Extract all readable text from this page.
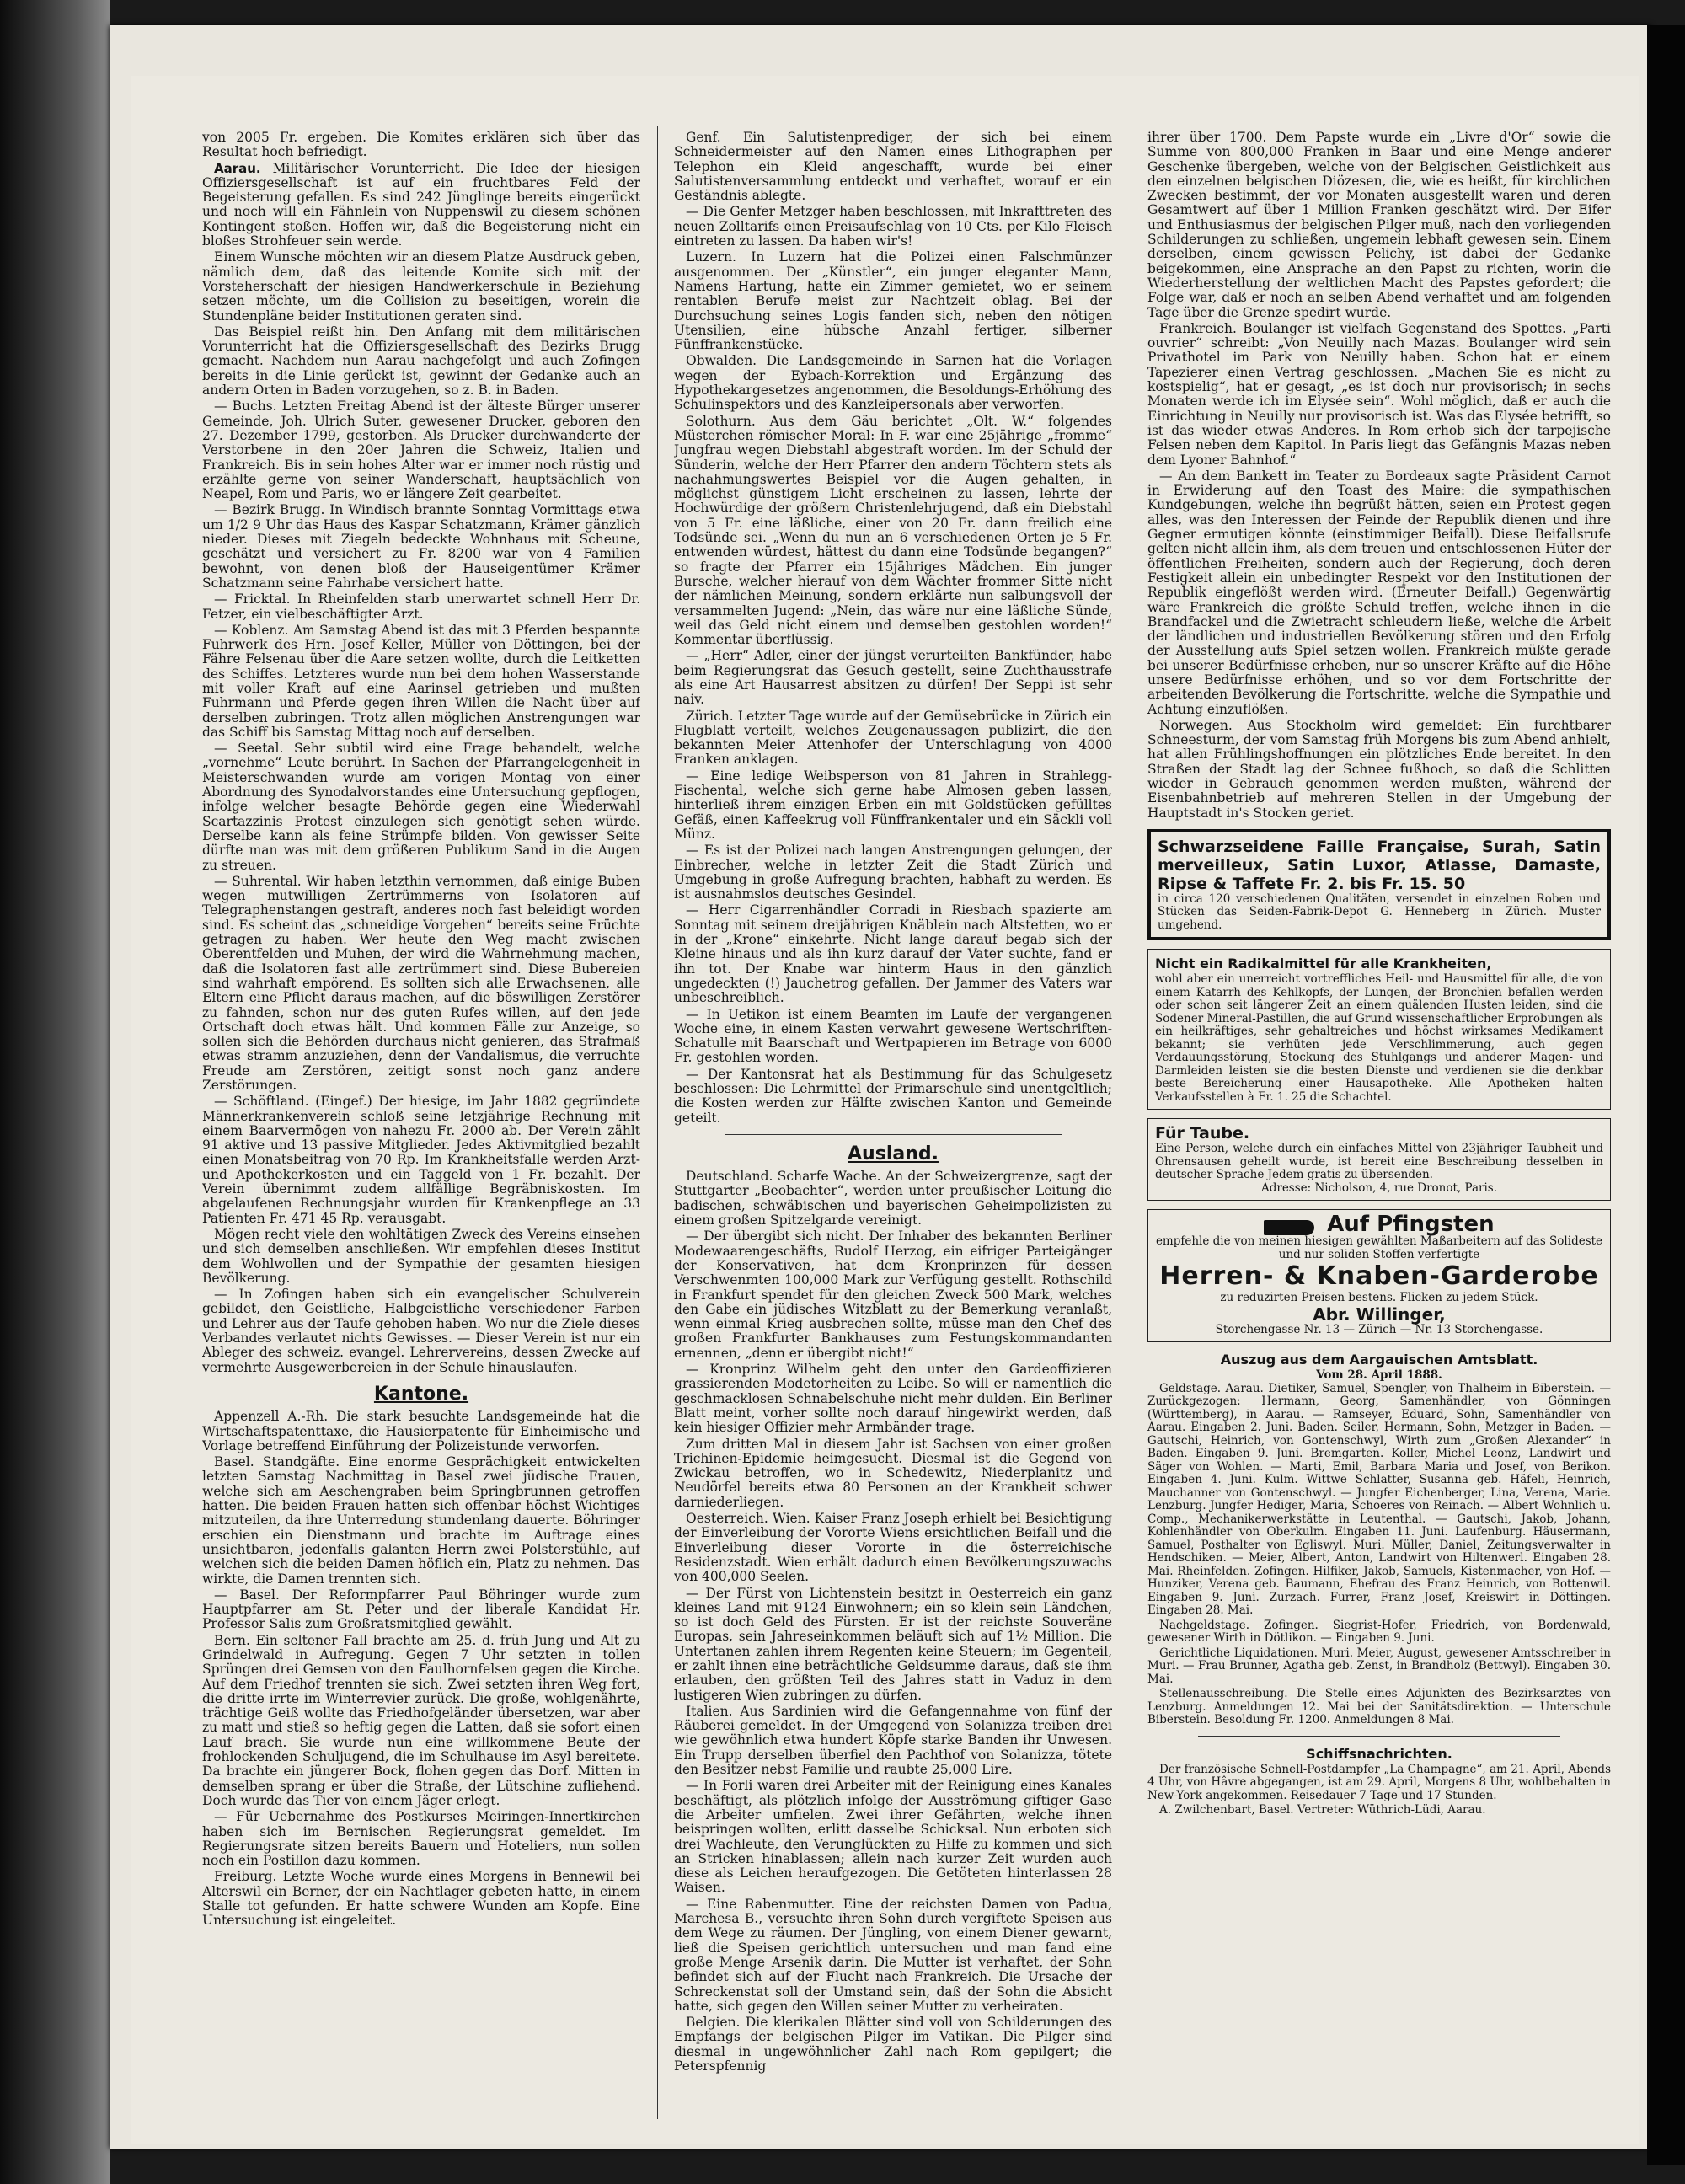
von 2005 Fr. ergeben. Die Komites erklären sich über das Resultat hoch befriedigt.

Aarau. Militärischer Vorunterricht. Die Idee der hiesigen Offiziersgesellschaft ist auf ein fruchtbares Feld der Begeisterung gefallen. Es sind 242 Jünglinge bereits eingerückt und noch will ein Fähnlein von Nuppenswil zu diesem schönen Kontingent stoßen. Hoffen wir, daß die Begeisterung nicht ein bloßes Strohfeuer sein werde.

Einem Wunsche möchten wir an diesem Platze Ausdruck geben, nämlich dem, daß das leitende Komite sich mit der Vorsteherschaft der hiesigen Handwerkerschule in Beziehung setzen möchte, um die Collision zu beseitigen, worein die Stundenpläne beider Institutionen geraten sind.

Das Beispiel reißt hin. Den Anfang mit dem militärischen Vorunterricht hat die Offiziersgesellschaft des Bezirks Brugg gemacht. Nachdem nun Aarau nachgefolgt und auch Zofingen bereits in die Linie gerückt ist, gewinnt der Gedanke auch an andern Orten in Baden vorzugehen, so z. B. in Baden.

— Buchs. Letzten Freitag Abend ist der älteste Bürger unserer Gemeinde, Joh. Ulrich Suter, gewesener Drucker, geboren den 27. Dezember 1799, gestorben. Als Drucker durchwanderte der Verstorbene in den 20er Jahren die Schweiz, Italien und Frankreich. Bis in sein hohes Alter war er immer noch rüstig und erzählte gerne von seiner Wanderschaft, hauptsächlich von Neapel, Rom und Paris, wo er längere Zeit gearbeitet.

— Bezirk Brugg. In Windisch brannte Sonntag Vormittags etwa um 1/2 9 Uhr das Haus des Kaspar Schatzmann, Krämer gänzlich nieder. Dieses mit Ziegeln bedeckte Wohnhaus mit Scheune, geschätzt und versichert zu Fr. 8200 war von 4 Familien bewohnt, von denen bloß der Hauseigentümer Krämer Schatzmann seine Fahrhabe versichert hatte.

— Fricktal. In Rheinfelden starb unerwartet schnell Herr Dr. Fetzer, ein vielbeschäftigter Arzt.

— Koblenz. Am Samstag Abend ist das mit 3 Pferden bespannte Fuhrwerk des Hrn. Josef Keller, Müller von Döttingen, bei der Fähre Felsenau über die Aare setzen wollte, durch die Leitketten des Schiffes. Letzteres wurde nun bei dem hohen Wasserstande mit voller Kraft auf eine Aarinsel getrieben und mußten Fuhrmann und Pferde gegen ihren Willen die Nacht über auf derselben zubringen. Trotz allen möglichen Anstrengungen war das Schiff bis Samstag Mittag noch auf derselben.

— Seetal. Sehr subtil wird eine Frage behandelt, welche „vornehme“ Leute berührt. In Sachen der Pfarrangelegenheit in Meisterschwanden wurde am vorigen Montag von einer Abordnung des Synodalvorstandes eine Untersuchung gepflogen, infolge welcher besagte Behörde gegen eine Wiederwahl Scartazzinis Protest einzulegen sich genötigt sehen würde. Derselbe kann als feine Strümpfe bilden. Von gewisser Seite dürfte man was mit dem größeren Publikum Sand in die Augen zu streuen.

— Suhrental. Wir haben letzthin vernommen, daß einige Buben wegen mutwilligen Zertrümmerns von Isolatoren auf Telegraphenstangen gestraft, anderes noch fast beleidigt worden sind. Es scheint das „schneidige Vorgehen“ bereits seine Früchte getragen zu haben. Wer heute den Weg macht zwischen Oberentfelden und Muhen, der wird die Wahrnehmung machen, daß die Isolatoren fast alle zertrümmert sind. Diese Bubereien sind wahrhaft empörend. Es sollten sich alle Erwachsenen, alle Eltern eine Pflicht daraus machen, auf die böswilligen Zerstörer zu fahnden, schon nur des guten Rufes willen, auf den jede Ortschaft doch etwas hält. Und kommen Fälle zur Anzeige, so sollen sich die Behörden durchaus nicht genieren, das Strafmaß etwas stramm anzuziehen, denn der Vandalismus, die verruchte Freude am Zerstören, zeitigt sonst noch ganz andere Zerstörungen.

— Schöftland. (Eingef.) Der hiesige, im Jahr 1882 gegründete Männerkrankenverein schloß seine letzjährige Rechnung mit einem Baarvermögen von nahezu Fr. 2000 ab. Der Verein zählt 91 aktive und 13 passive Mitglieder. Jedes Aktivmitglied bezahlt einen Monatsbeitrag von 70 Rp. Im Krankheitsfalle werden Arzt- und Apothekerkosten und ein Taggeld von 1 Fr. bezahlt. Der Verein übernimmt zudem allfällige Begräbniskosten. Im abgelaufenen Rechnungsjahr wurden für Krankenpflege an 33 Patienten Fr. 471 45 Rp. verausgabt.

Mögen recht viele den wohltätigen Zweck des Vereins einsehen und sich demselben anschließen. Wir empfehlen dieses Institut dem Wohlwollen und der Sympathie der gesamten hiesigen Bevölkerung.

— In Zofingen haben sich ein evangelischer Schulverein gebildet, den Geistliche, Halbgeistliche verschiedener Farben und Lehrer aus der Taufe gehoben haben. Wo nur die Ziele dieses Verbandes verlautet nichts Gewisses. — Dieser Verein ist nur ein Ableger des schweiz. evangel. Lehrervereins, dessen Zwecke auf vermehrte Ausgewerbereien in der Schule hinauslaufen.

Kantone.

Appenzell A.-Rh. Die stark besuchte Landsgemeinde hat die Wirtschaftspatenttaxe, die Hausierpatente für Einheimische und Vorlage betreffend Einführung der Polizeistunde verworfen.

Basel. Standgäfte. Eine enorme Gesprächigkeit entwickelten letzten Samstag Nachmittag in Basel zwei jüdische Frauen, welche sich am Aeschengraben beim Springbrunnen getroffen hatten. Die beiden Frauen hatten sich offenbar höchst Wichtiges mitzuteilen, da ihre Unterredung stundenlang dauerte. Böhringer erschien ein Dienstmann und brachte im Auftrage eines unsichtbaren, jedenfalls galanten Herrn zwei Polsterstühle, auf welchen sich die beiden Damen höflich ein, Platz zu nehmen. Das wirkte, die Damen trennten sich.

— Basel. Der Reformpfarrer Paul Böhringer wurde zum Hauptpfarrer am St. Peter und der liberale Kandidat Hr. Professor Salis zum Großratsmitglied gewählt.

Bern. Ein seltener Fall brachte am 25. d. früh Jung und Alt zu Grindelwald in Aufregung. Gegen 7 Uhr setzten in tollen Sprüngen drei Gemsen von den Faulhornfelsen gegen die Kirche. Auf dem Friedhof trennten sie sich. Zwei setzten ihren Weg fort, die dritte irrte im Winterrevier zurück. Die große, wohlgenährte, trächtige Geiß wollte das Friedhofgeländer übersetzen, war aber zu matt und stieß so heftig gegen die Latten, daß sie sofort einen Lauf brach. Sie wurde nun eine willkommene Beute der frohlockenden Schuljugend, die im Schulhause im Asyl bereitete. Da brachte ein jüngerer Bock, flohen gegen das Dorf. Mitten in demselben sprang er über die Straße, der Lütschine zufliehend. Doch wurde das Tier von einem Jäger erlegt.

— Für Uebernahme des Postkurses Meiringen-Innertkirchen haben sich im Bernischen Regierungsrat gemeldet. Im Regierungsrate sitzen bereits Bauern und Hoteliers, nun sollen noch ein Postillon dazu kommen.

Freiburg. Letzte Woche wurde eines Morgens in Bennewil bei Alterswil ein Berner, der ein Nachtlager gebeten hatte, in einem Stalle tot gefunden. Er hatte schwere Wunden am Kopfe. Eine Untersuchung ist eingeleitet.

Genf. Ein Salutistenprediger, der sich bei einem Schneidermeister auf den Namen eines Lithographen per Telephon ein Kleid angeschafft, wurde bei einer Salutistenversammlung entdeckt und verhaftet, worauf er ein Geständnis ablegte.

— Die Genfer Metzger haben beschlossen, mit Inkrafttreten des neuen Zolltarifs einen Preisaufschlag von 10 Cts. per Kilo Fleisch eintreten zu lassen. Da haben wir's!

Luzern. In Luzern hat die Polizei einen Falschmünzer ausgenommen. Der „Künstler“, ein junger eleganter Mann, Namens Hartung, hatte ein Zimmer gemietet, wo er seinem rentablen Berufe meist zur Nachtzeit oblag. Bei der Durchsuchung seines Logis fanden sich, neben den nötigen Utensilien, eine hübsche Anzahl fertiger, silberner Fünffrankenstücke.

Obwalden. Die Landsgemeinde in Sarnen hat die Vorlagen wegen der Eybach-Korrektion und Ergänzung des Hypothekargesetzes angenommen, die Besoldungs-Erhöhung des Schulinspektors und des Kanzleipersonals aber verworfen.

Solothurn. Aus dem Gäu berichtet „Olt. W.“ folgendes Müsterchen römischer Moral: In F. war eine 25jährige „fromme“ Jungfrau wegen Diebstahl abgestraft worden. Im der Schuld der Sünderin, welche der Herr Pfarrer den andern Töchtern stets als nachahmungswertes Beispiel vor die Augen gehalten, in möglichst günstigem Licht erscheinen zu lassen, lehrte der Hochwürdige der größern Christenlehrjugend, daß ein Diebstahl von 5 Fr. eine läßliche, einer von 20 Fr. dann freilich eine Todsünde sei. „Wenn du nun an 6 verschiedenen Orten je 5 Fr. entwenden würdest, hättest du dann eine Todsünde begangen?“ so fragte der Pfarrer ein 15jähriges Mädchen. Ein junger Bursche, welcher hierauf von dem Wächter frommer Sitte nicht der nämlichen Meinung, sondern erklärte nun salbungsvoll der versammelten Jugend: „Nein, das wäre nur eine läßliche Sünde, weil das Geld nicht einem und demselben gestohlen worden!“ Kommentar überflüssig.

— „Herr“ Adler, einer der jüngst verurteilten Bankfünder, habe beim Regierungsrat das Gesuch gestellt, seine Zuchthausstrafe als eine Art Hausarrest absitzen zu dürfen! Der Seppi ist sehr naiv.

Zürich. Letzter Tage wurde auf der Gemüsebrücke in Zürich ein Flugblatt verteilt, welches Zeugenaussagen publizirt, die den bekannten Meier Attenhofer der Unterschlagung von 4000 Franken anklagen.

— Eine ledige Weibsperson von 81 Jahren in Strahlegg-Fischental, welche sich gerne habe Almosen geben lassen, hinterließ ihrem einzigen Erben ein mit Goldstücken gefülltes Gefäß, einen Kaffeekrug voll Fünffrankentaler und ein Säckli voll Münz.

— Es ist der Polizei nach langen Anstrengungen gelungen, der Einbrecher, welche in letzter Zeit die Stadt Zürich und Umgebung in große Aufregung brachten, habhaft zu werden. Es ist ausnahmslos deutsches Gesindel.

— Herr Cigarrenhändler Corradi in Riesbach spazierte am Sonntag mit seinem dreijährigen Knäblein nach Altstetten, wo er in der „Krone“ einkehrte. Nicht lange darauf begab sich der Kleine hinaus und als ihn kurz darauf der Vater suchte, fand er ihn tot. Der Knabe war hinterm Haus in den gänzlich ungedeckten (!) Jauchetrog gefallen. Der Jammer des Vaters war unbeschreiblich.

— In Uetikon ist einem Beamten im Laufe der vergangenen Woche eine, in einem Kasten verwahrt gewesene Wertschriften-Schatulle mit Baarschaft und Wertpapieren im Betrage von 6000 Fr. gestohlen worden.

— Der Kantonsrat hat als Bestimmung für das Schulgesetz beschlossen: Die Lehrmittel der Primarschule sind unentgeltlich; die Kosten werden zur Hälfte zwischen Kanton und Gemeinde geteilt.

Ausland.

Deutschland. Scharfe Wache. An der Schweizergrenze, sagt der Stuttgarter „Beobachter“, werden unter preußischer Leitung die badischen, schwäbischen und bayerischen Geheimpolizisten zu einem großen Spitzelgarde vereinigt.

— Der übergibt sich nicht. Der Inhaber des bekannten Berliner Modewaarengeschäfts, Rudolf Herzog, ein eifriger Parteigänger der Konservativen, hat dem Kronprinzen für dessen Verschwenmten 100,000 Mark zur Verfügung gestellt. Rothschild in Frankfurt spendet für den gleichen Zweck 500 Mark, welches den Gabe ein jüdisches Witzblatt zu der Bemerkung veranlaßt, wenn einmal Krieg ausbrechen sollte, müsse man den Chef des großen Frankfurter Bankhauses zum Festungskommandanten ernennen, „denn er übergibt nicht!“

— Kronprinz Wilhelm geht den unter den Gardeoffizieren grassierenden Modetorheiten zu Leibe. So will er namentlich die geschmacklosen Schnabelschuhe nicht mehr dulden. Ein Berliner Blatt meint, vorher sollte noch darauf hingewirkt werden, daß kein hiesiger Offizier mehr Armbänder trage.

Zum dritten Mal in diesem Jahr ist Sachsen von einer großen Trichinen-Epidemie heimgesucht. Diesmal ist die Gegend von Zwickau betroffen, wo in Schedewitz, Niederplanitz und Neudörfel bereits etwa 80 Personen an der Krankheit schwer darniederliegen.

Oesterreich. Wien. Kaiser Franz Joseph erhielt bei Besichtigung der Einverleibung der Vororte Wiens ersichtlichen Beifall und die Einverleibung dieser Vororte in die österreichische Residenzstadt. Wien erhält dadurch einen Bevölkerungszuwachs von 400,000 Seelen.

— Der Fürst von Lichtenstein besitzt in Oesterreich ein ganz kleines Land mit 9124 Einwohnern; ein so klein sein Ländchen, so ist doch Geld des Fürsten. Er ist der reichste Souveräne Europas, sein Jahreseinkommen beläuft sich auf 1½ Million. Die Untertanen zahlen ihrem Regenten keine Steuern; im Gegenteil, er zahlt ihnen eine beträchtliche Geldsumme daraus, daß sie ihm erlauben, den größten Teil des Jahres statt in Vaduz in dem lustigeren Wien zubringen zu dürfen.

Italien. Aus Sardinien wird die Gefangennahme von fünf der Räuberei gemeldet. In der Umgegend von Solanizza treiben drei wie gewöhnlich etwa hundert Köpfe starke Banden ihr Unwesen. Ein Trupp derselben überfiel den Pachthof von Solanizza, tötete den Besitzer nebst Familie und raubte 25,000 Lire.

— In Forli waren drei Arbeiter mit der Reinigung eines Kanales beschäftigt, als plötzlich infolge der Ausströmung giftiger Gase die Arbeiter umfielen. Zwei ihrer Gefährten, welche ihnen beispringen wollten, erlitt dasselbe Schicksal. Nun erboten sich drei Wachleute, den Verunglückten zu Hilfe zu kommen und sich an Stricken hinablassen; allein nach kurzer Zeit wurden auch diese als Leichen heraufgezogen. Die Getöteten hinterlassen 28 Waisen.

— Eine Rabenmutter. Eine der reichsten Damen von Padua, Marchesa B., versuchte ihren Sohn durch vergiftete Speisen aus dem Wege zu räumen. Der Jüngling, von einem Diener gewarnt, ließ die Speisen gerichtlich untersuchen und man fand eine große Menge Arsenik darin. Die Mutter ist verhaftet, der Sohn befindet sich auf der Flucht nach Frankreich. Die Ursache der Schreckenstat soll der Umstand sein, daß der Sohn die Absicht hatte, sich gegen den Willen seiner Mutter zu verheiraten.

Belgien. Die klerikalen Blätter sind voll von Schilderungen des Empfangs der belgischen Pilger im Vatikan. Die Pilger sind diesmal in ungewöhnlicher Zahl nach Rom gepilgert; die Peterspfennig

ihrer über 1700. Dem Papste wurde ein „Livre d'Or“ sowie die Summe von 800,000 Franken in Baar und eine Menge anderer Geschenke übergeben, welche von der Belgischen Geistlichkeit aus den einzelnen belgischen Diözesen, die, wie es heißt, für kirchlichen Zwecken bestimmt, der vor Monaten ausgestellt waren und deren Gesamtwert auf über 1 Million Franken geschätzt wird. Der Eifer und Enthusiasmus der belgischen Pilger muß, nach den vorliegenden Schilderungen zu schließen, ungemein lebhaft gewesen sein. Einem derselben, einem gewissen Pelichy, ist dabei der Gedanke beigekommen, eine Ansprache an den Papst zu richten, worin die Wiederherstellung der weltlichen Macht des Papstes gefordert; die Folge war, daß er noch an selben Abend verhaftet und am folgenden Tage über die Grenze spedirt wurde.

Frankreich. Boulanger ist vielfach Gegenstand des Spottes. „Parti ouvrier“ schreibt: „Von Neuilly nach Mazas. Boulanger wird sein Privathotel im Park von Neuilly haben. Schon hat er einem Tapezierer einen Vertrag geschlossen. „Machen Sie es nicht zu kostspielig“, hat er gesagt, „es ist doch nur provisorisch; in sechs Monaten werde ich im Elysée sein“. Wohl möglich, daß er auch die Einrichtung in Neuilly nur provisorisch ist. Was das Elysée betrifft, so ist das wieder etwas Anderes. In Rom erhob sich der tarpejische Felsen neben dem Kapitol. In Paris liegt das Gefängnis Mazas neben dem Lyoner Bahnhof.“

— An dem Bankett im Teater zu Bordeaux sagte Präsident Carnot in Erwiderung auf den Toast des Maire: die sympathischen Kundgebungen, welche ihn begrüßt hätten, seien ein Protest gegen alles, was den Interessen der Feinde der Republik dienen und ihre Gegner ermutigen könnte (einstimmiger Beifall). Diese Beifallsrufe gelten nicht allein ihm, als dem treuen und entschlossenen Hüter der öffentlichen Freiheiten, sondern auch der Regierung, doch deren Festigkeit allein ein unbedingter Respekt vor den Institutionen der Republik eingeflößt werden wird. (Erneuter Beifall.) Gegenwärtig wäre Frankreich die größte Schuld treffen, welche ihnen in die Brandfackel und die Zwietracht schleudern ließe, welche die Arbeit der ländlichen und industriellen Bevölkerung stören und den Erfolg der Ausstellung aufs Spiel setzen wollen. Frankreich müßte gerade bei unserer Bedürfnisse erheben, nur so unserer Kräfte auf die Höhe unsere Bedürfnisse erhöhen, und so vor dem Fortschritte der arbeitenden Bevölkerung die Fortschritte, welche die Sympathie und Achtung einzuflößen.

Norwegen. Aus Stockholm wird gemeldet: Ein furchtbarer Schneesturm, der vom Samstag früh Morgens bis zum Abend anhielt, hat allen Frühlingshoffnungen ein plötzliches Ende bereitet. In den Straßen der Stadt lag der Schnee fußhoch, so daß die Schlitten wieder in Gebrauch genommen werden mußten, während der Eisenbahnbetrieb auf mehreren Stellen in der Umgebung der Hauptstadt in's Stocken geriet.

Schwarzseidene Faille Française, Surah, Satin merveilleux, Satin Luxor, Atlasse, Damaste, Ripse & Taffete Fr. 2. bis Fr. 15. 50
in circa 120 verschiedenen Qualitäten, versendet in einzelnen Roben und Stücken das Seiden-Fabrik-Depot G. Henneberg in Zürich. Muster umgehend.
Nicht ein Radikalmittel für alle Krankheiten,
wohl aber ein unerreicht vortreffliches Heil- und Hausmittel für alle, die von einem Katarrh des Kehlkopfs, der Lungen, der Bronchien befallen werden oder schon seit längerer Zeit an einem quälenden Husten leiden, sind die Sodener Mineral-Pastillen, die auf Grund wissenschaftlicher Erprobungen als ein heilkräftiges, sehr gehaltreiches und höchst wirksames Medikament bekannt; sie verhüten jede Verschlimmerung, auch gegen Verdauungsstörung, Stockung des Stuhlgangs und anderer Magen- und Darmleiden leisten sie die besten Dienste und verdienen sie die denkbar beste Bereicherung einer Hausapotheke. Alle Apotheken halten Verkaufsstellen à Fr. 1. 25 die Schachtel.
Für Taube.
Eine Person, welche durch ein einfaches Mittel von 23jähriger Taubheit und Ohrensausen geheilt wurde, ist bereit eine Beschreibung desselben in deutscher Sprache Jedem gratis zu übersenden.
Adresse: Nicholson, 4, rue Dronot, Paris.
Auf Pfingsten
empfehle die von meinen hiesigen gewählten Maßarbeitern auf das Solideste und nur soliden Stoffen verfertigte
Herren- & Knaben-Garderobe
zu reduzirten Preisen bestens. Flicken zu jedem Stück.
Abr. Willinger,
Storchengasse Nr. 13 — Zürich — Nr. 13 Storchengasse.
Auszug aus dem Aargauischen Amtsblatt.
Vom 28. April 1888.

Geldstage. Aarau. Dietiker, Samuel, Spengler, von Thalheim in Biberstein. — Zurückgezogen: Hermann, Georg, Samenhändler, von Gönningen (Württemberg), in Aarau. — Ramseyer, Eduard, Sohn, Samenhändler von Aarau. Eingaben 2. Juni. Baden. Seiler, Hermann, Sohn, Metzger in Baden. — Gautschi, Heinrich, von Gontenschwyl, Wirth zum „Großen Alexander“ in Baden. Eingaben 9. Juni. Bremgarten. Koller, Michel Leonz, Landwirt und Säger von Wohlen. — Marti, Emil, Barbara Maria und Josef, von Berikon. Eingaben 4. Juni. Kulm. Wittwe Schlatter, Susanna geb. Häfeli, Heinrich, Mauchanner von Gontenschwyl. — Jungfer Eichenberger, Lina, Verena, Marie. Lenzburg. Jungfer Hediger, Maria, Schoeres von Reinach. — Albert Wohnlich u. Comp., Mechanikerwerkstätte in Leutenthal. — Gautschi, Jakob, Johann, Kohlenhändler von Oberkulm. Eingaben 11. Juni. Laufenburg. Häusermann, Samuel, Posthalter von Egliswyl. Muri. Müller, Daniel, Zeitungsverwalter in Hendschiken. — Meier, Albert, Anton, Landwirt von Hiltenwerl. Eingaben 28. Mai. Rheinfelden. Zofingen. Hilfiker, Jakob, Samuels, Kistenmacher, von Hof. — Hunziker, Verena geb. Baumann, Ehefrau des Franz Heinrich, von Bottenwil. Eingaben 9. Juni. Zurzach. Furrer, Franz Josef, Kreiswirt in Döttingen. Eingaben 28. Mai.

Nachgeldstage. Zofingen. Siegrist-Hofer, Friedrich, von Bordenwald, gewesener Wirth in Dötlikon. — Eingaben 9. Juni.

Gerichtliche Liquidationen. Muri. Meier, August, gewesener Amtsschreiber in Muri. — Frau Brunner, Agatha geb. Zenst, in Brandholz (Bettwyl). Eingaben 30. Mai.

Stellenausschreibung. Die Stelle eines Adjunkten des Bezirksarztes von Lenzburg. Anmeldungen 12. Mai bei der Sanitätsdirektion. — Unterschule Biberstein. Besoldung Fr. 1200. Anmeldungen 8 Mai.

Schiffsnachrichten.

Der französische Schnell-Postdampfer „La Champagne“, am 21. April, Abends 4 Uhr, von Hâvre abgegangen, ist am 29. April, Morgens 8 Uhr, wohlbehalten in New-York angekommen. Reisedauer 7 Tage und 17 Stunden.

A. Zwilchenbart, Basel. Vertreter: Wüthrich-Lüdi, Aarau.
